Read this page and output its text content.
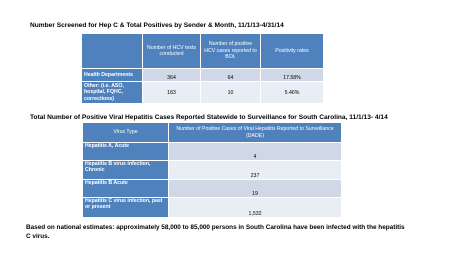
Number Screened for Hep C & Total Positives by Sender & Month, 11/1/13-4/31/14
	Number of HCV tests conducted	Number of positive HCV cases reported to BOL	Positivity rates
Health Departments	364	64	17.58%
Other: (i.e. ASO, hospital, FQHC, corrections)	183	10	5.46%
Total Number of Positive Viral Hepatitis Cases Reported Statewide to Surveillance for South Carolina, 11/1/13- 4/14
Virus Type	Number of Positive Cases of Viral Hepatitis Reported to Surveillance (DADE)
Hepatitis A, Acute	4
Hepatitis B virus infection, Chronic	237
Hepatitis B Acute	19
Hepatitis C virus infection, past or present	1,532
Based on national estimates: approximately 58,000 to 85,000 persons in South Carolina have been infected with the hepatitis C virus.
